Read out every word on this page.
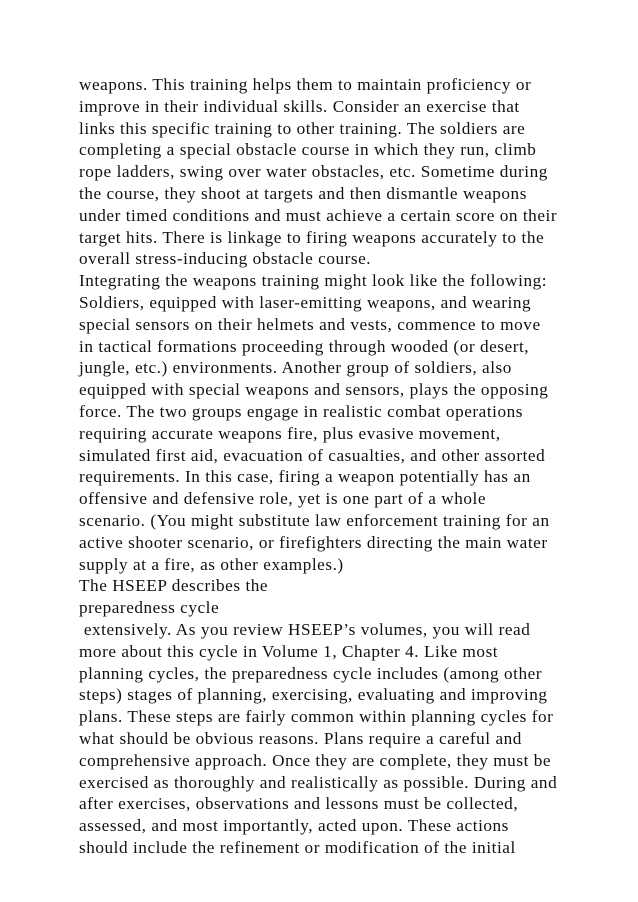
weapons. This training helps them to maintain proficiency or
improve in their individual skills. Consider an exercise that
links this specific training to other training. The soldiers are
completing a special obstacle course in which they run, climb
rope ladders, swing over water obstacles, etc. Sometime during
the course, they shoot at targets and then dismantle weapons
under timed conditions and must achieve a certain score on their
target hits. There is linkage to firing weapons accurately to the
overall stress-inducing obstacle course.
Integrating the weapons training might look like the following:
Soldiers, equipped with laser-emitting weapons, and wearing
special sensors on their helmets and vests, commence to move
in tactical formations proceeding through wooded (or desert,
jungle, etc.) environments. Another group of soldiers, also
equipped with special weapons and sensors, plays the opposing
force. The two groups engage in realistic combat operations
requiring accurate weapons fire, plus evasive movement,
simulated first aid, evacuation of casualties, and other assorted
requirements. In this case, firing a weapon potentially has an
offensive and defensive role, yet is one part of a whole
scenario. (You might substitute law enforcement training for an
active shooter scenario, or firefighters directing the main water
supply at a fire, as other examples.)
The HSEEP describes the
preparedness cycle
extensively. As you review HSEEP’s volumes, you will read
more about this cycle in Volume 1, Chapter 4. Like most
planning cycles, the preparedness cycle includes (among other
steps) stages of planning, exercising, evaluating and improving
plans. These steps are fairly common within planning cycles for
what should be obvious reasons. Plans require a careful and
comprehensive approach. Once they are complete, they must be
exercised as thoroughly and realistically as possible. During and
after exercises, observations and lessons must be collected,
assessed, and most importantly, acted upon. These actions
should include the refinement or modification of the initial
